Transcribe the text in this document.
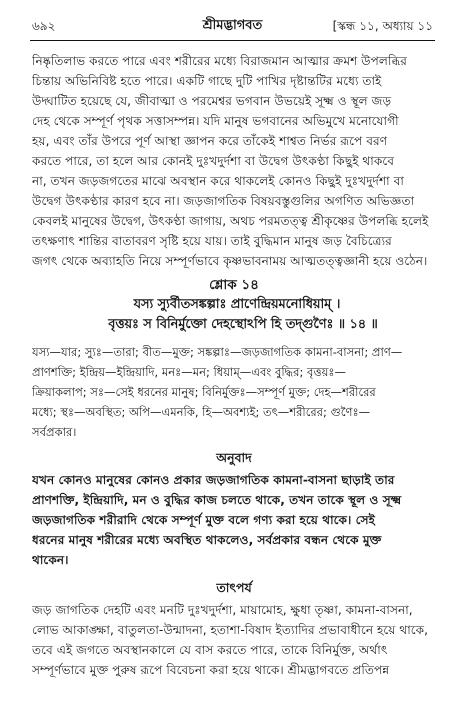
৬৯২	শ্রীমদ্ভাগবত	[স্কন্ধ ১১, অধ্যায় ১১
নিষ্কৃতিলাভ করতে পারে এবং শরীরের মধ্যে বিরাজমান আত্মার ক্রমশ উপলব্ধির
চিন্তায় অভিনিবিষ্ট হতে পারে। একটি গাছে দুটি পাখির দৃষ্টান্তটির মধ্যে তাই
উদ্ঘাটিত হয়েছে যে, জীবাত্মা ও পরমেশ্বর ভগবান উভয়েই সূক্ষ্ম ও স্থূল জড়
দেহ থেকে সম্পূর্ণ পৃথক সত্তাসম্পন্ন। যদি মানুষ ভগবানের অভিমুখে মনোযোগী
হয়, এবং তাঁর উপরে পূর্ণ আস্থা জ্ঞাপন করে তাঁকেই শাশ্বত নির্ভর রূপে বরণ
করতে পারে, তা হলে আর কোনই দুঃখদুর্দশা বা উদ্বেগ উৎকণ্ঠা কিছুই থাকবে
না, তখন জড়জগতের মাঝে অবস্থান করে থাকলেই কোনও কিছুই দুঃখদুর্দশা বা
উদ্বেগ উৎকণ্ঠার কারণ হবে না। জড়জাগতিক বিষয়বস্তুগুলির অগণিত অভিজ্ঞতা
কেবলই মানুষের উদ্বেগ, উৎকণ্ঠা জাগায়, অথচ পরমতত্ত্ব শ্রীকৃষ্ণের উপলব্ধি হলেই
তৎক্ষণাৎ শান্তির বাতাবরণ সৃষ্টি হয়ে যায়। তাই বুদ্ধিমান মানুষ জড় বৈচিত্র্যের
জগৎ থেকে অব্যাহতি নিয়ে সম্পূর্ণভাবে কৃষ্ণভাবনাময় আত্মতত্ত্বজ্ঞানী হয়ে ওঠেন।
শ্লোক ১৪
যস্য স্যুর্বীতসঙ্কল্পাঃ প্রাণেন্দ্রিয়মনোধিয়াম্ ।
বৃত্তয়ঃ স বিনির্মুক্তো দেহস্থোঽপি হি তদ্‌গুণৈঃ ॥ ১৪ ॥
যস্য—যার; স্যুঃ—তারা; বীত—মুক্ত; সঙ্কল্পাঃ—জড়জাগতিক কামনা-বাসনা; প্রাণ—
প্রাণশক্তি; ইন্দ্রিয়—ইন্দ্রিয়াদি, মনঃ—মন; ধিয়াম্—এবং বুদ্ধির; বৃত্তয়ঃ—
ক্রিয়াকলাপ; সঃ—সেই ধরনের মানুষ; বিনির্মুক্তঃ—সম্পূর্ণ মুক্ত; দেহ—শরীরের
মধ্যে; স্থঃ—অবস্থিত; অপি—এমনকি, হি—অবশ্যই; তৎ—শরীরের; গুণৈঃ—
সর্বপ্রকার।
অনুবাদ
যখন কোনও মানুষের কোনও প্রকার জড়জাগতিক কামনা-বাসনা ছাড়াই তার
প্রাণশক্তি, ইন্দ্রিয়াদি, মন ও বুদ্ধির কাজ চলতে থাকে, তখন তাকে স্থূল ও সূক্ষ্ম
জড়জাগতিক শরীরাদি থেকে সম্পূর্ণ মুক্ত বলে গণ্য করা হয়ে থাকে। সেই
ধরনের মানুষ শরীরের মধ্যে অবস্থিত থাকলেও, সর্বপ্রকার বন্ধন থেকে মুক্ত
থাকেন।
তাৎপর্য
জড় জাগতিক দেহটি এবং মনটি দুঃখদুর্দশা, মায়ামোহ, ক্ষুধা তৃষ্ণা, কামনা-বাসনা,
লোভ আকাঙ্ক্ষা, বাতুলতা-উন্মাদনা, হতাশা-বিষাদ ইত্যাদির প্রভাবাধীনে হয়ে থাকে,
তবে এই জগতে অবস্থানকালে যে বাস করতে পারে, তাকে বিনির্মুক্ত, অর্থাৎ
সম্পূর্ণভাবে মুক্ত পুরুষ রূপে বিবেচনা করা হয়ে থাকে। শ্রীমদ্ভাগবতে প্রতিপন্ন
